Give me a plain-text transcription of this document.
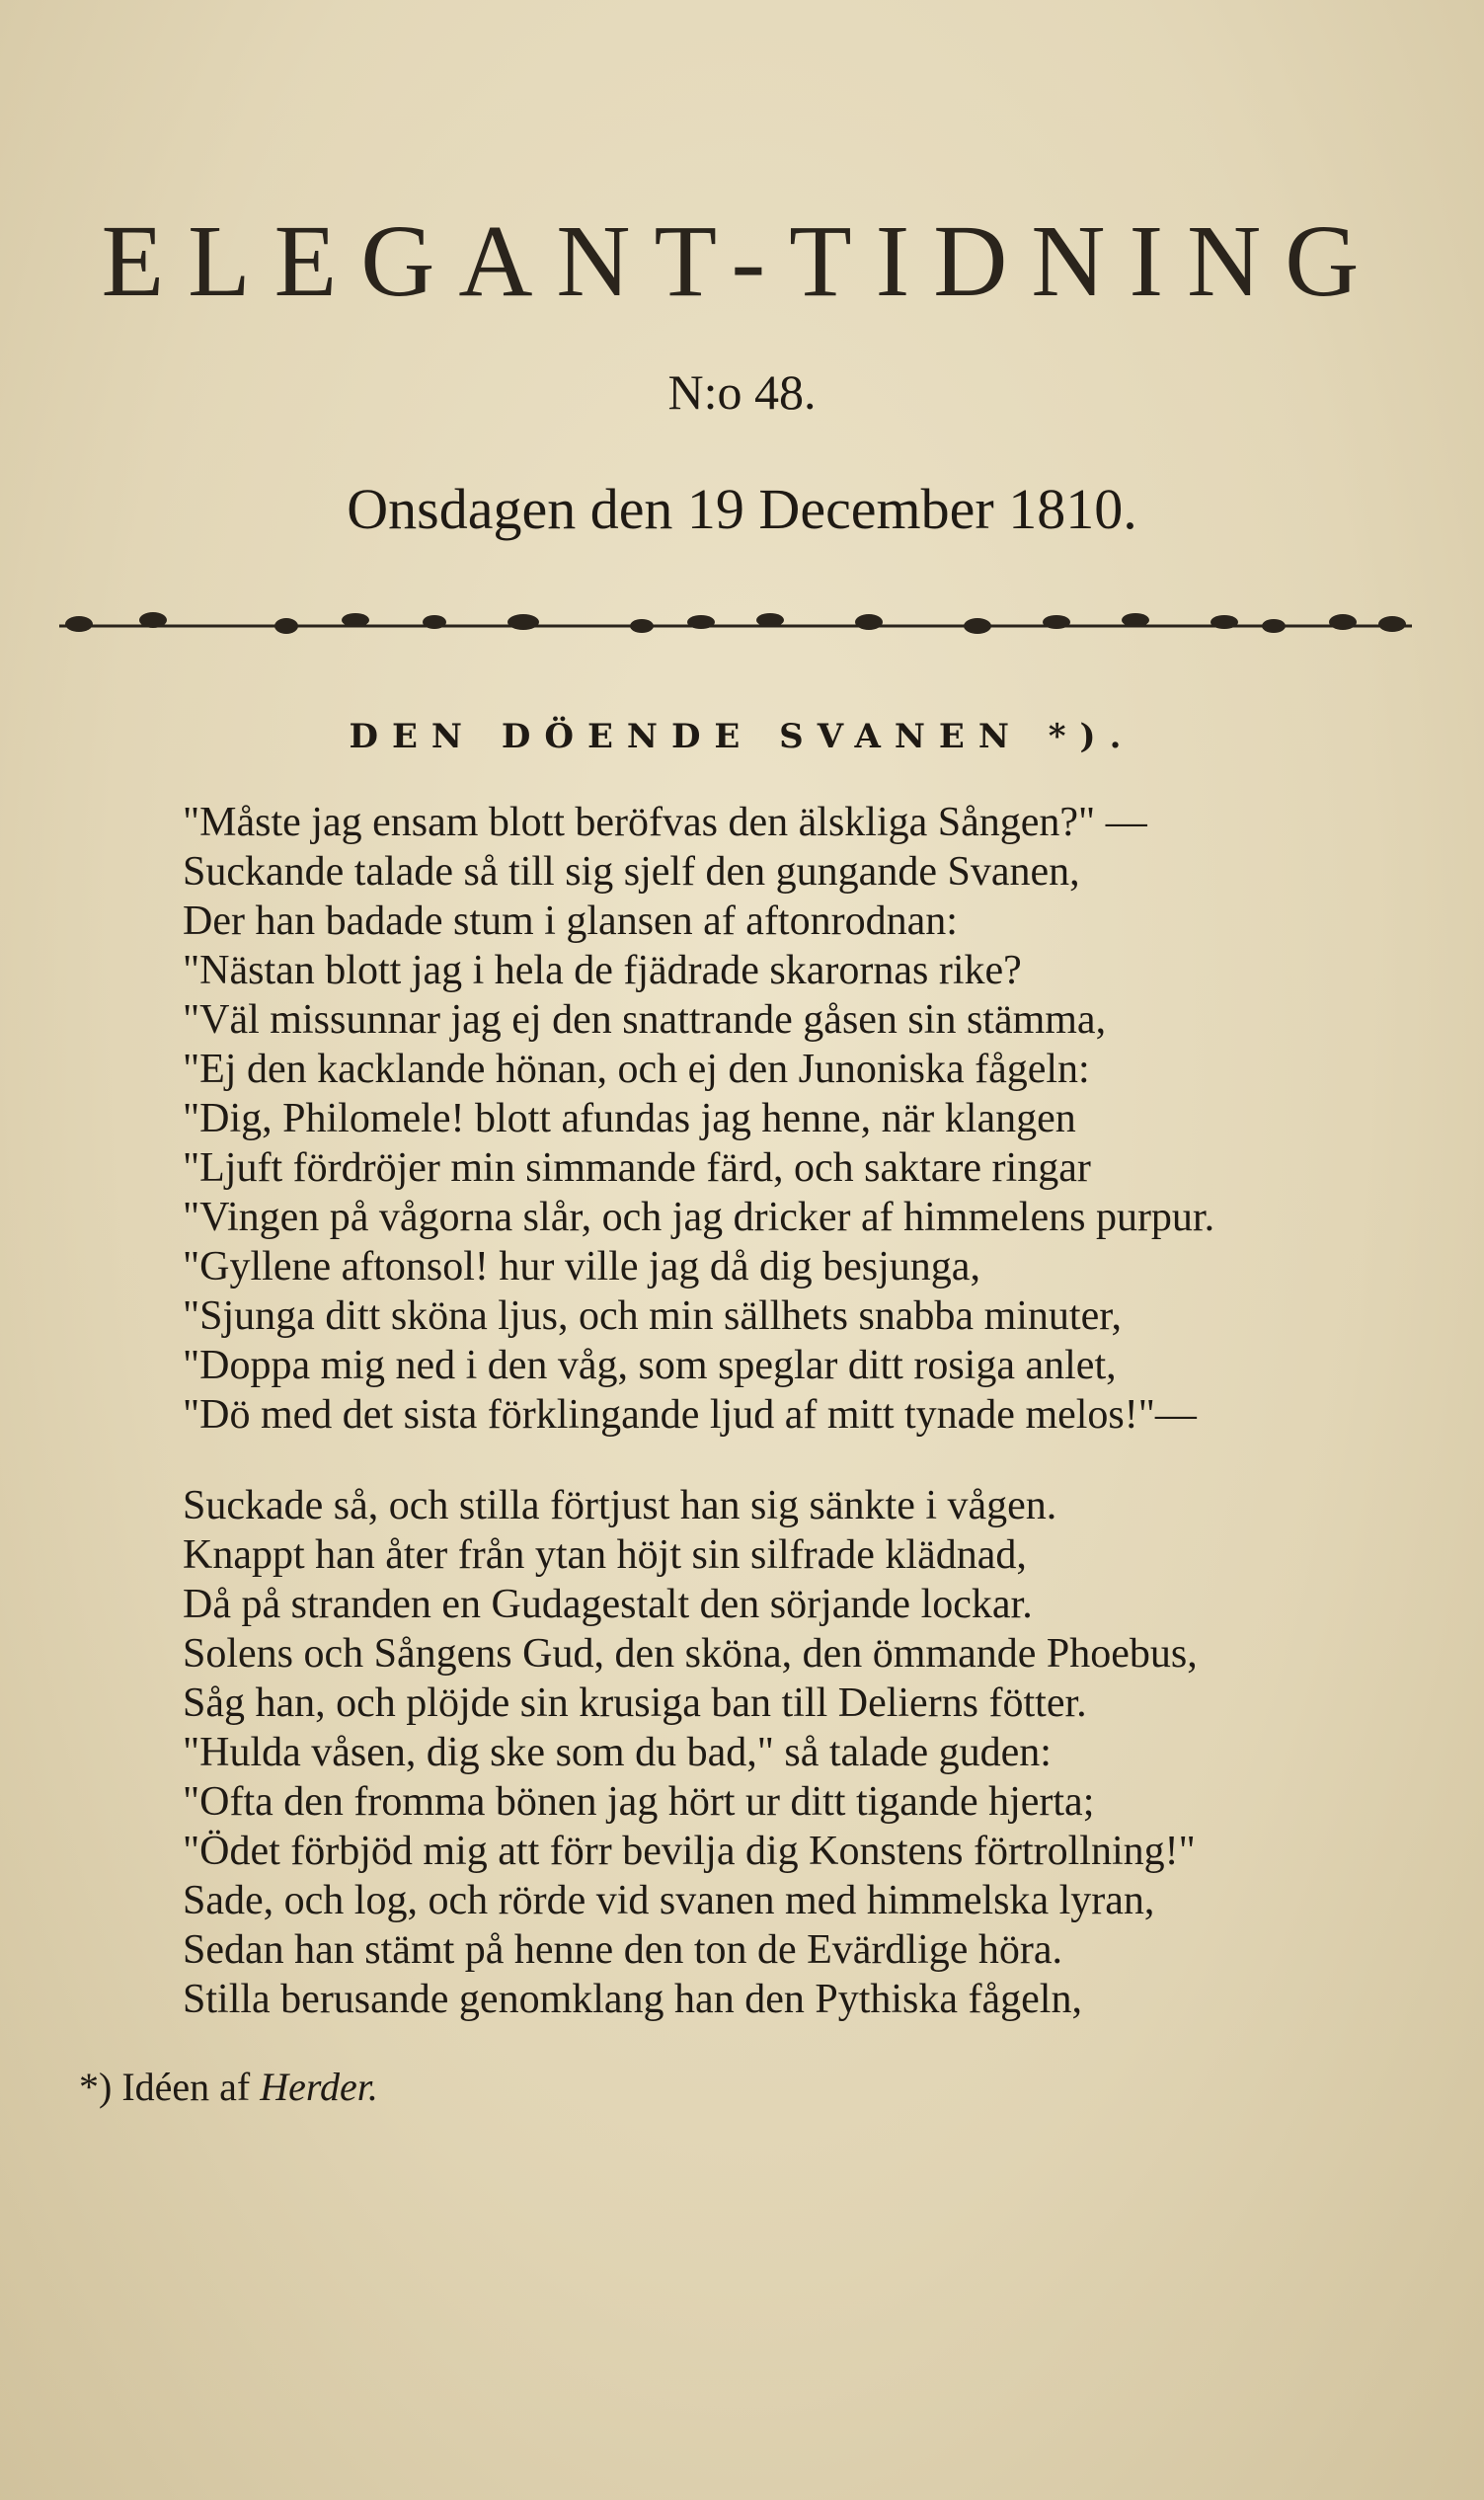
ELEGANT-TIDNING
N:o 48.
Onsdagen den 19 December 1810.
DEN DÖENDE SVANEN *).
"Måste jag ensam blott beröfvas den älskliga Sången?" —
Suckande talade så till sig sjelf den gungande Svanen,
Der han badade stum i glansen af aftonrodnan:
"Nästan blott jag i hela de fjädrade skarornas rike?
"Väl missunnar jag ej den snattrande gåsen sin stämma,
"Ej den kacklande hönan, och ej den Junoniska fågeln:
"Dig, Philomele! blott afundas jag henne, när klangen
"Ljuft fördröjer min simmande färd, och saktare ringar
"Vingen på vågorna slår, och jag dricker af himmelens purpur.
"Gyllene aftonsol! hur ville jag då dig besjunga,
"Sjunga ditt sköna ljus, och min sällhets snabba minuter,
"Doppa mig ned i den våg, som speglar ditt rosiga anlet,
"Dö med det sista förklingande ljud af mitt tynade melos!"—
Suckade så, och stilla förtjust han sig sänkte i vågen.
Knappt han åter från ytan höjt sin silfrade klädnad,
Då på stranden en Gudagestalt den sörjande lockar.
Solens och Sångens Gud, den sköna, den ömmande Phoebus,
Såg han, och plöjde sin krusiga ban till Delierns fötter.
"Hulda våsen, dig ske som du bad," så talade guden:
"Ofta den fromma bönen jag hört ur ditt tigande hjerta;
"Ödet förbjöd mig att förr bevilja dig Konstens förtrollning!"
Sade, och log, och rörde vid svanen med himmelska lyran,
Sedan han stämt på henne den ton de Evärdlige höra.
Stilla berusande genomklang han den Pythiska fågeln,
*) Idéen af Herder.
